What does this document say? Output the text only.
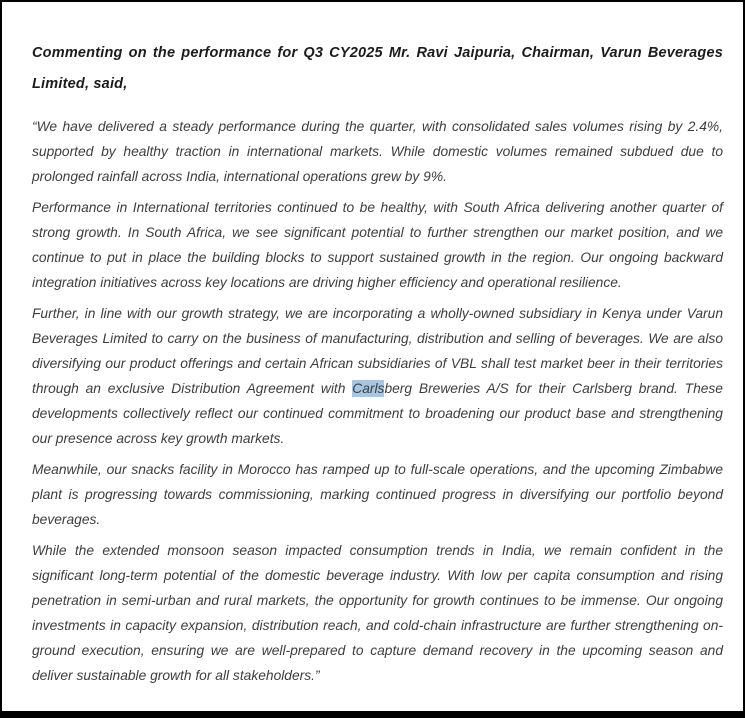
Commenting on the performance for Q3 CY2025 Mr. Ravi Jaipuria, Chairman, Varun Beverages Limited, said,

“We have delivered a steady performance during the quarter, with consolidated sales volumes rising by 2.4%, supported by healthy traction in international markets. While domestic volumes remained subdued due to prolonged rainfall across India, international operations grew by 9%.

Performance in International territories continued to be healthy, with South Africa delivering another quarter of strong growth. In South Africa, we see significant potential to further strengthen our market position, and we continue to put in place the building blocks to support sustained growth in the region. Our ongoing backward integration initiatives across key locations are driving higher efficiency and operational resilience.

Further, in line with our growth strategy, we are incorporating a wholly-owned subsidiary in Kenya under Varun Beverages Limited to carry on the business of manufacturing, distribution and selling of beverages. We are also diversifying our product offerings and certain African subsidiaries of VBL shall test market beer in their territories through an exclusive Distribution Agreement with Carlsberg Breweries A/S for their Carlsberg brand. These developments collectively reflect our continued commitment to broadening our product base and strengthening our presence across key growth markets.

Meanwhile, our snacks facility in Morocco has ramped up to full-scale operations, and the upcoming Zimbabwe plant is progressing towards commissioning, marking continued progress in diversifying our portfolio beyond beverages.

While the extended monsoon season impacted consumption trends in India, we remain confident in the significant long-term potential of the domestic beverage industry. With low per capita consumption and rising penetration in semi-urban and rural markets, the opportunity for growth continues to be immense. Our ongoing investments in capacity expansion, distribution reach, and cold-chain infrastructure are further strengthening on-ground execution, ensuring we are well-prepared to capture demand recovery in the upcoming season and deliver sustainable growth for all stakeholders.”
